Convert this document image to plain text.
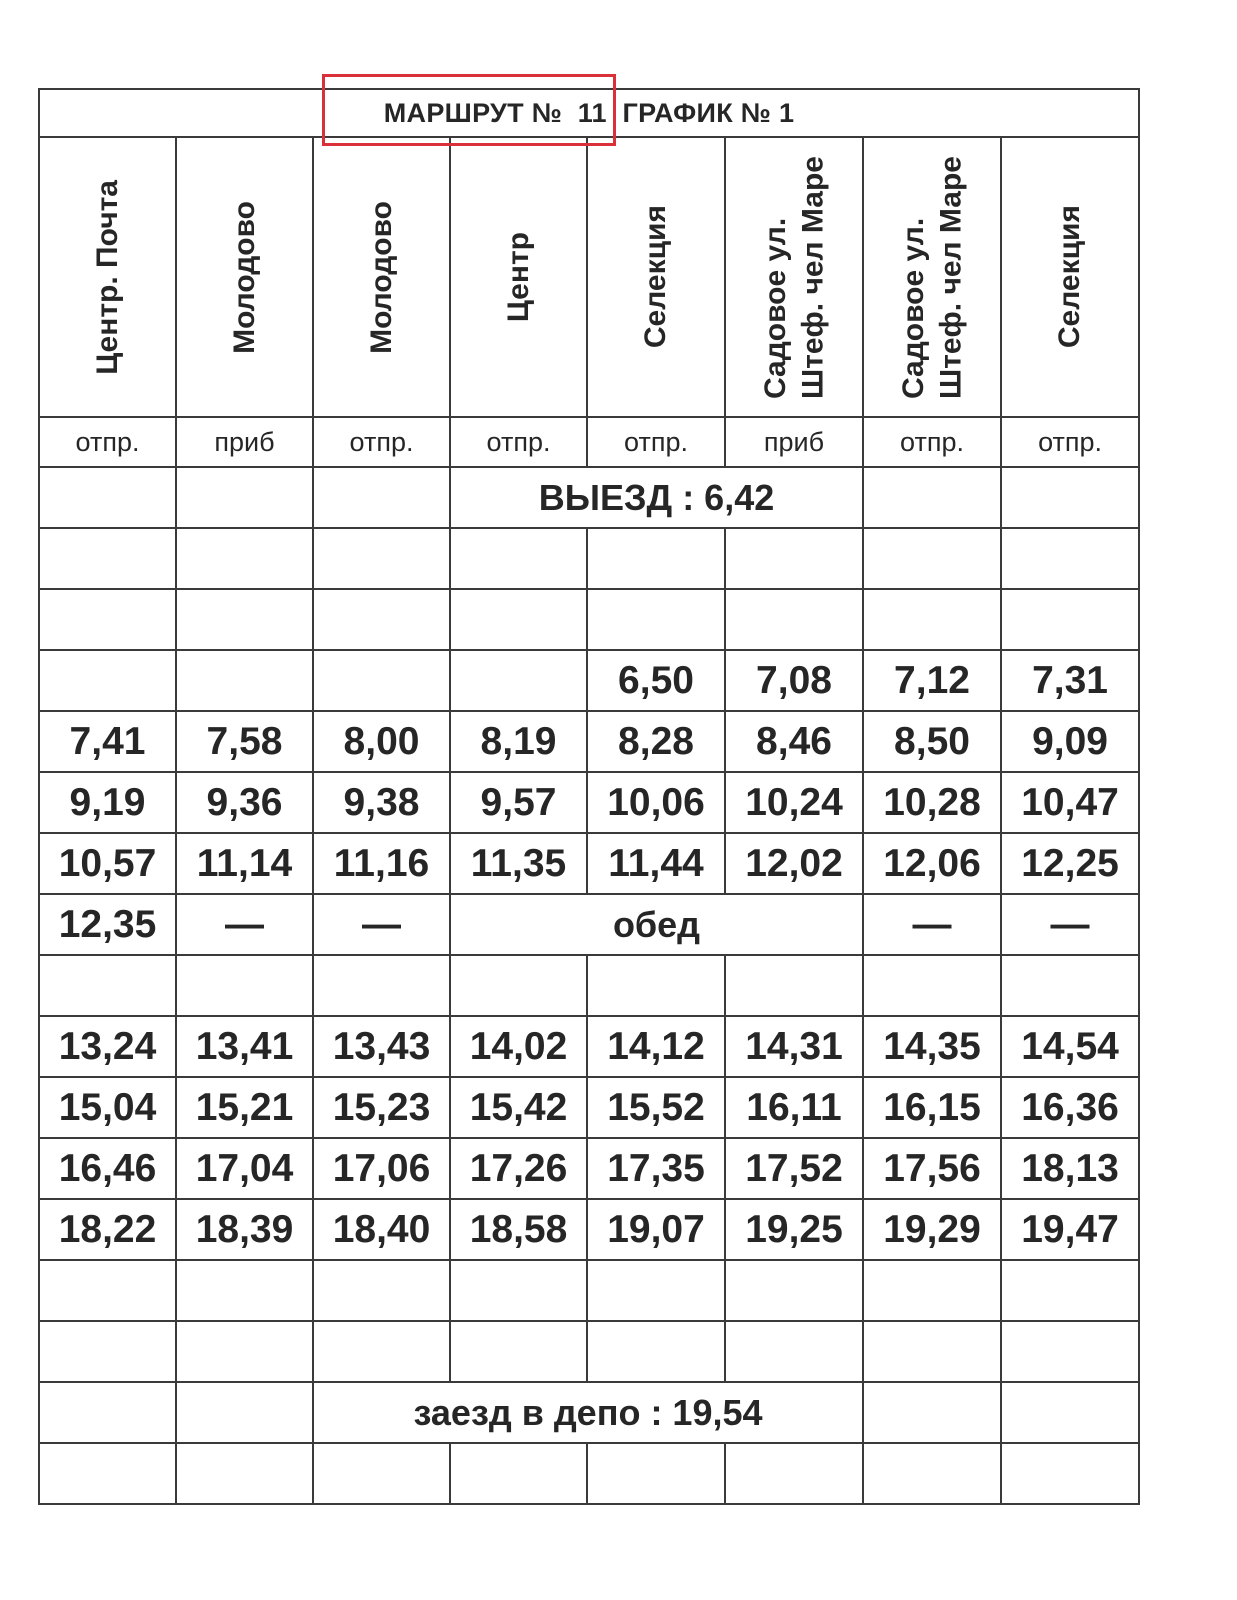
МАРШРУТ № 11 ГРАФИК № 1							

Центр. Почта	Молодово	Молодово	Центр	Селекция	Садовое ул. Штеф. чел Маре	Садовое ул. Штеф. чел Маре	Селекция

отпр.	приб	отпр.	отпр.	отпр.	приб	отпр.	отпр.
			ВЫЕЗД : 6,42				

				6,50	7,08	7,12	7,31
7,41	7,58	8,00	8,19	8,28	8,46	8,50	9,09
9,19	9,36	9,38	9,57	10,06	10,24	10,28	10,47
10,57	11,14	11,16	11,35	11,44	12,02	12,06	12,25
12,35	—	—	обед			—	—

13,24	13,41	13,43	14,02	14,12	14,31	14,35	14,54
15,04	15,21	15,23	15,42	15,52	16,11	16,15	16,36
16,46	17,04	17,06	17,26	17,35	17,52	17,56	18,13
18,22	18,39	18,40	18,58	19,07	19,25	19,29	19,47

		заезд в депо : 19,54					
